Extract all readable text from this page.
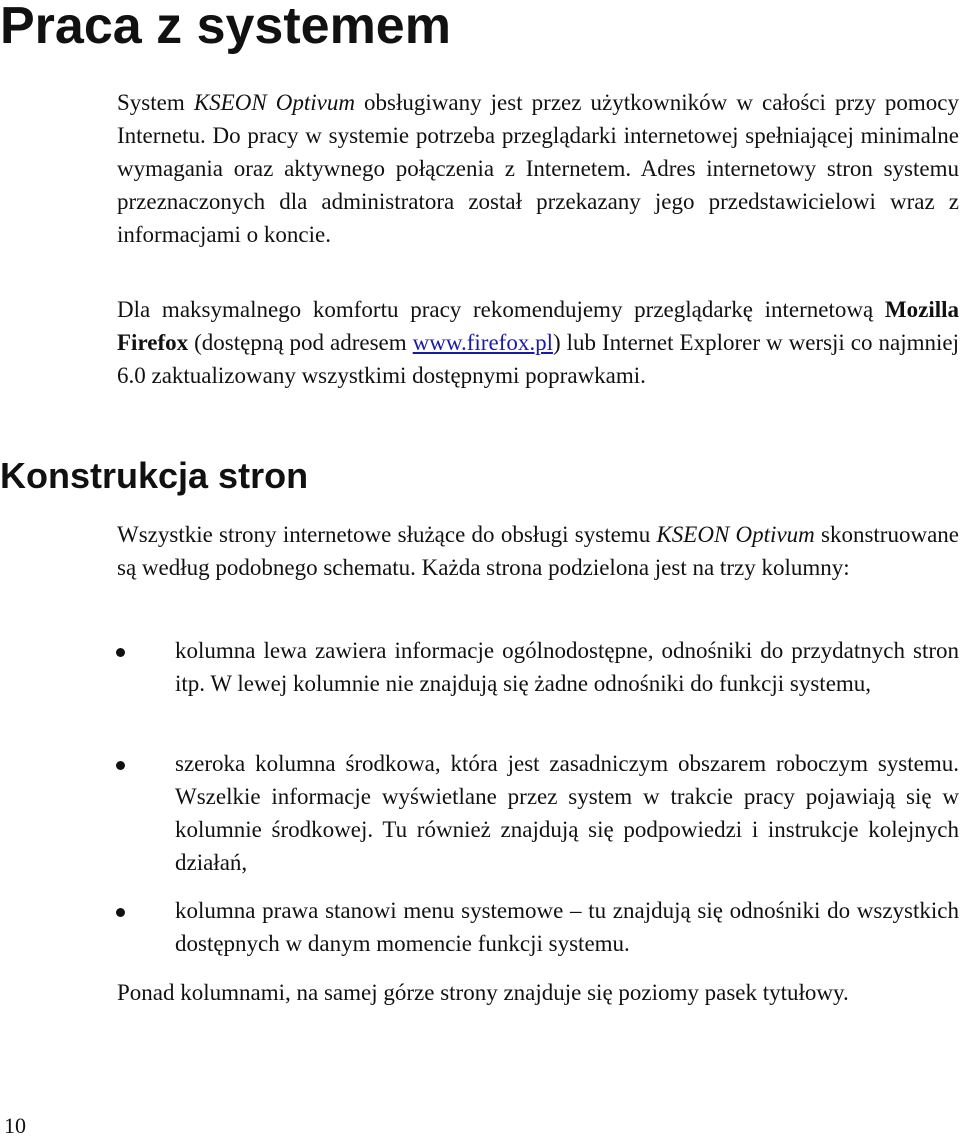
Praca z systemem

System KSEON Optivum obsługiwany jest przez użytkowników w całości przy pomocy Internetu. Do pracy w systemie potrzeba przeglądarki internetowej spełniającej minimalne wymagania oraz aktywnego połączenia z Internetem. Adres internetowy stron systemu przeznaczonych dla administratora został przekazany jego przedstawicielowi wraz z informacjami o koncie.

Dla maksymalnego komfortu pracy rekomendujemy przeglądarkę internetową Mozilla Firefox (dostępną pod adresem www.firefox.pl) lub Internet Explorer w wersji co najmniej 6.0 zaktualizowany wszystkimi dostępnymi poprawkami.

Konstrukcja stron

Wszystkie strony internetowe służące do obsługi systemu KSEON Optivum skonstruowane są według podobnego schematu. Każda strona podzielona jest na trzy kolumny:

kolumna lewa zawiera informacje ogólnodostępne, odnośniki do przydatnych stron itp. W lewej kolumnie nie znajdują się żadne odnośniki do funkcji systemu,

szeroka kolumna środkowa, która jest zasadniczym obszarem roboczym systemu. Wszelkie informacje wyświetlane przez system w trakcie pracy pojawiają się w kolumnie środkowej. Tu również znajdują się podpowiedzi i instrukcje kolejnych działań,

kolumna prawa stanowi menu systemowe – tu znajdują się odnośniki do wszystkich dostępnych w danym momencie funkcji systemu.

Ponad kolumnami, na samej górze strony znajduje się poziomy pasek tytułowy.

10
